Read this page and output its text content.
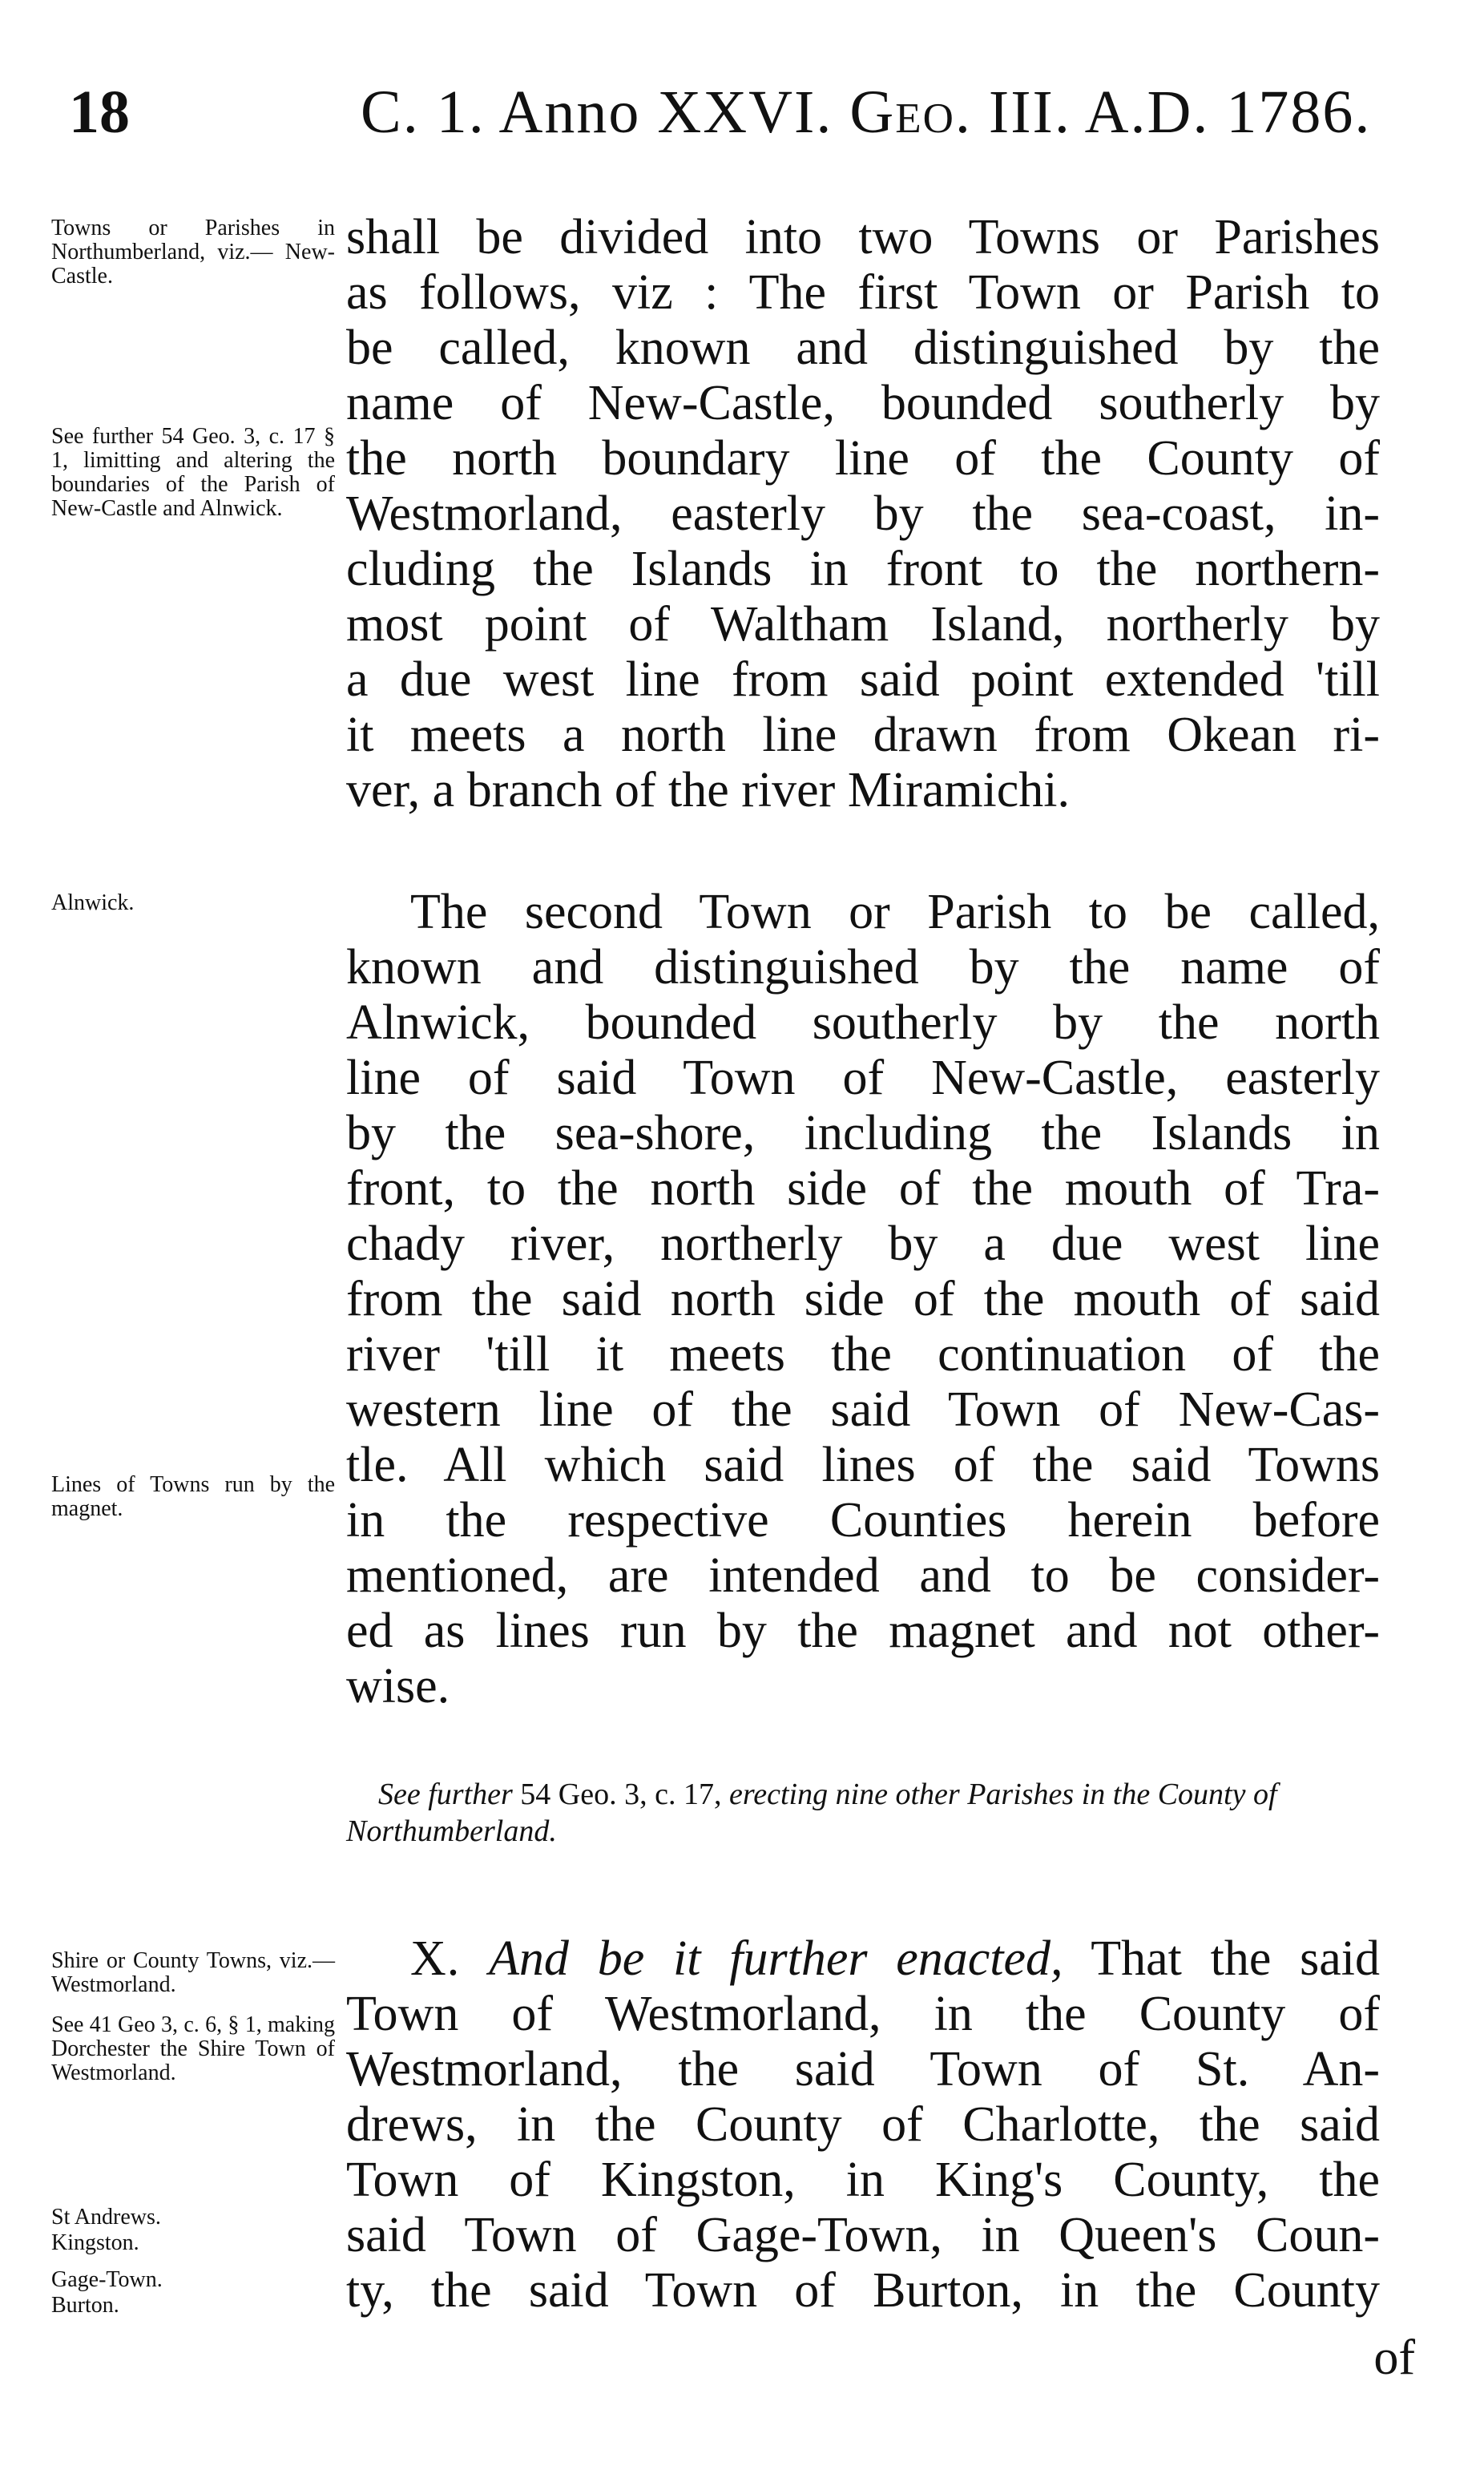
18	C. 1. Anno XXVI. Geo. III. A.D. 1786.

Towns or Parishes in Northumberland, viz.— New-Castle.

See further 54 Geo. 3, c. 17 § 1, limitting and altering the boundaries of the Parish of New-Castle and Alnwick.

Alnwick.

Lines of Towns run by the magnet.

Shire or County Towns, viz.— Westmorland.

See 41 Geo 3, c. 6, § 1, making Dorchester the Shire Town of Westmorland.

St Andrews.

Kingston.

Gage-Town.

Burton.

shall be divided into two Towns or Parishes
as follows, viz : The first Town or Parish to
be called, known and distinguished by the
name of New-Castle, bounded southerly by
the north boundary line of the County of
Westmorland, easterly by the sea-coast, in-
cluding the Islands in front to the northern-
most point of Waltham Island, northerly by
a due west line from said point extended 'till
it meets a north line drawn from Okean ri-
ver, a branch of the river Miramichi.
The second Town or Parish to be called,
known and distinguished by the name of
Alnwick, bounded southerly by the north
line of said Town of New-Castle, easterly
by the sea-shore, including the Islands in
front, to the north side of the mouth of Tra-
chady river, northerly by a due west line
from the said north side of the mouth of said
river 'till it meets the continuation of the
western line of the said Town of New-Cas-
tle. All which said lines of the said Towns
in the respective Counties herein before
mentioned, are intended and to be consider-
ed as lines run by the magnet and not other-
wise.

See further 54 Geo. 3, c. 17, erecting nine other Parishes in the County of Northumberland.

X. And be it further enacted, That the said
Town of Westmorland, in the County of
Westmorland, the said Town of St. An-
drews, in the County of Charlotte, the said
Town of Kingston, in King's County, the
said Town of Gage-Town, in Queen's Coun-
ty, the said Town of Burton, in the County
of
